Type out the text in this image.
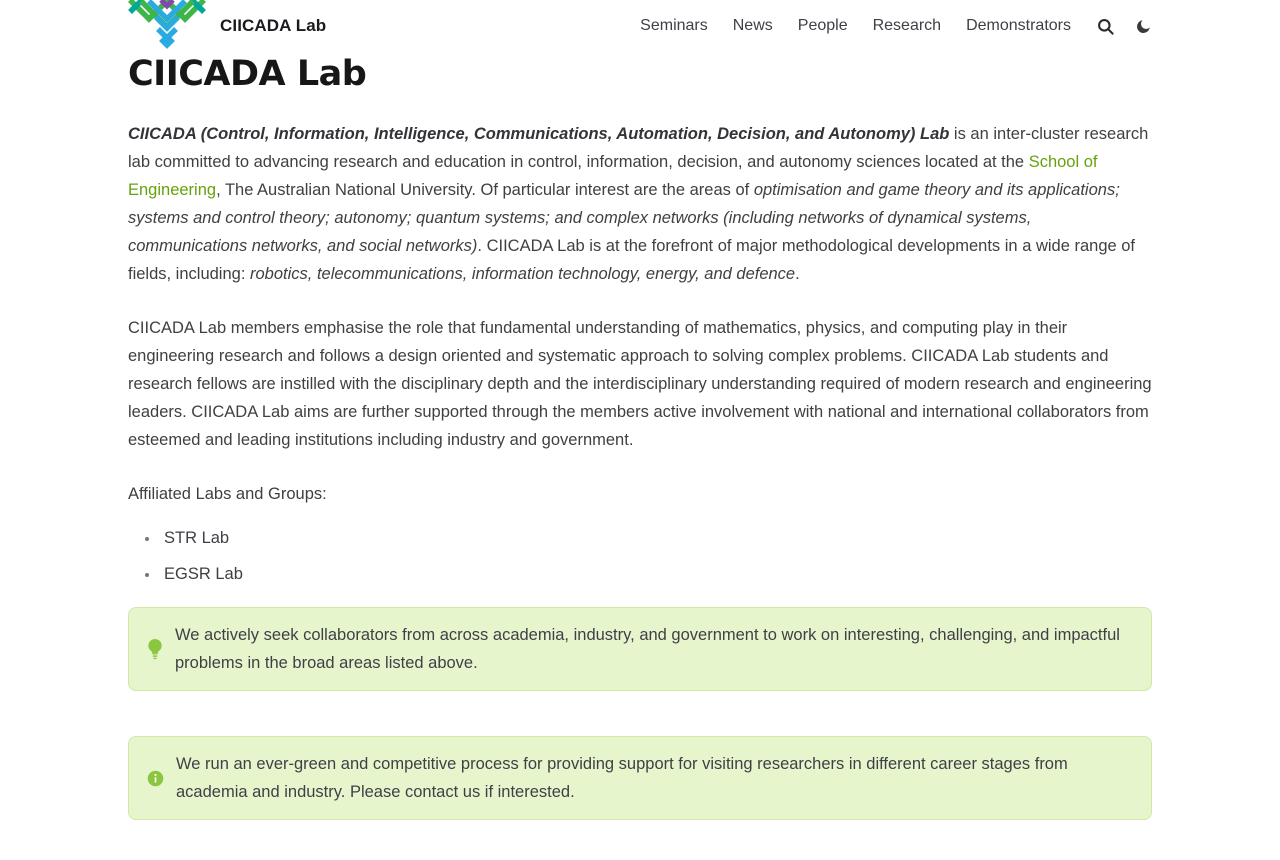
CIICADA Lab	Seminars News People Research Demonstrators
CIICADA Lab

CIICADA (Control, Information, Intelligence, Communications, Automation, Decision, and Autonomy) Lab is an inter-cluster research lab committed to advancing research and education in control, information, decision, and autonomy sciences located at the School of Engineering, The Australian National University. Of particular interest are the areas of optimisation and game theory and its applications; systems and control theory; autonomy; quantum systems; and complex networks (including networks of dynamical systems, communications networks, and social networks). CIICADA Lab is at the forefront of major methodological developments in a wide range of fields, including: robotics, telecommunications, information technology, energy, and defence.

CIICADA Lab members emphasise the role that fundamental understanding of mathematics, physics, and computing play in their engineering research and follows a design oriented and systematic approach to solving complex problems. CIICADA Lab students and research fellows are instilled with the disciplinary depth and the interdisciplinary understanding required of modern research and engineering leaders. CIICADA Lab aims are further supported through the members active involvement with national and international collaborators from esteemed and leading institutions including industry and government.

Affiliated Labs and Groups:

• STR Lab
• EGSR Lab

We actively seek collaborators from across academia, industry, and government to work on interesting, challenging, and impactful problems in the broad areas listed above.

We run an ever-green and competitive process for providing support for visiting researchers in different career stages from academia and industry. Please contact us if interested.
